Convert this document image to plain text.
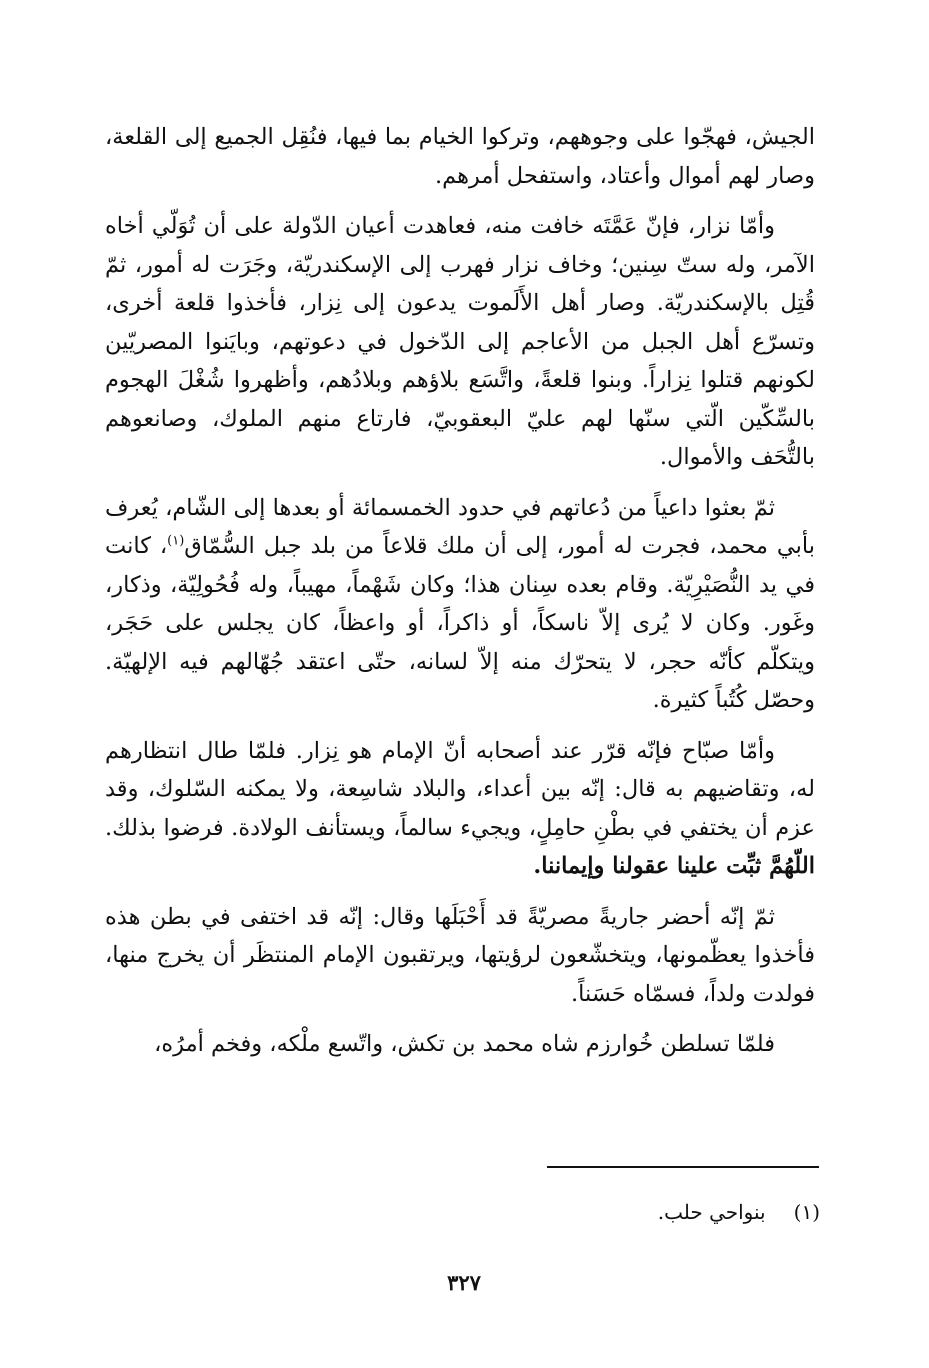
الجيش، فهجّوا على وجوههم، وتركوا الخيام بما فيها، فنُقِل الجميع إلى القلعة، وصار لهم أموال وأعتاد، واستفحل أمرهم.

وأمّا نزار، فإنّ عَمَّتَه خافت منه، فعاهدت أعيان الدّولة على أن تُوَلّي أخاه الآمر، وله ستّ سِنين؛ وخاف نزار فهرب إلى الإسكندريّة، وجَرَت له أمور، ثمّ قُتِل بالإسكندريّة. وصار أهل الأَلَموت يدعون إلى نِزار، فأخذوا قلعة أخرى، وتسرّع أهل الجبل من الأعاجم إلى الدّخول في دعوتهم، وبايَنوا المصريّين لكونهم قتلوا نِزاراً. وبنوا قلعةً، واتَّسَع بلاؤهم وبلادُهم، وأظهروا شُغْلَ الهجوم بالسِّكّين الّتي سنّها لهم عليّ البعقوبيّ، فارتاع منهم الملوك، وصانعوهم بالتُّحَف والأموال.

ثمّ بعثوا داعياً من دُعاتهم في حدود الخمسمائة أو بعدها إلى الشّام، يُعرف بأبي محمد، فجرت له أمور، إلى أن ملك قلاعاً من بلد جبل السُّمّاق$^{(١)}$، كانت في يد النُّصَيْرِيّة. وقام بعده سِنان هذا؛ وكان شَهْماً، مهيباً، وله فُحُولِيّة، وذكار، وغَور. وكان لا يُرى إلاّ ناسكاً، أو ذاكراً، أو واعظاً، كان يجلس على حَجَر، ويتكلّم كأنّه حجر، لا يتحرّك منه إلاّ لسانه، حتّى اعتقد جُهّالهم فيه الإلهيّة. وحصّل كُتُباً كثيرة.

وأمّا صبّاح فإنّه قرّر عند أصحابه أنّ الإمام هو نِزار. فلمّا طال انتظارهم له، وتقاضيهم به قال: إنّه بين أعداء، والبلاد شاسِعة، ولا يمكنه السّلوك، وقد عزم أن يختفي في بطْنِ حامِلٍ، ويجيء سالماً، ويستأنف الولادة. فرضوا بذلك. اللّهُمَّ ثبِّت علينا عقولنا وإيماننا.

ثمّ إنّه أحضر جاريةً مصريّةً قد أَحْبَلَها وقال: إنّه قد اختفى في بطن هذه فأخذوا يعظّمونها، ويتخشّعون لرؤيتها، ويرتقبون الإمام المنتظَر أن يخرج منها، فولدت ولداً، فسمّاه حَسَناً.

فلمّا تسلطن خُوارزم شاه محمد بن تكش، واتّسع ملْكه، وفخم أمرُه،

(١)بنواحي حلب.
٣٢٧
